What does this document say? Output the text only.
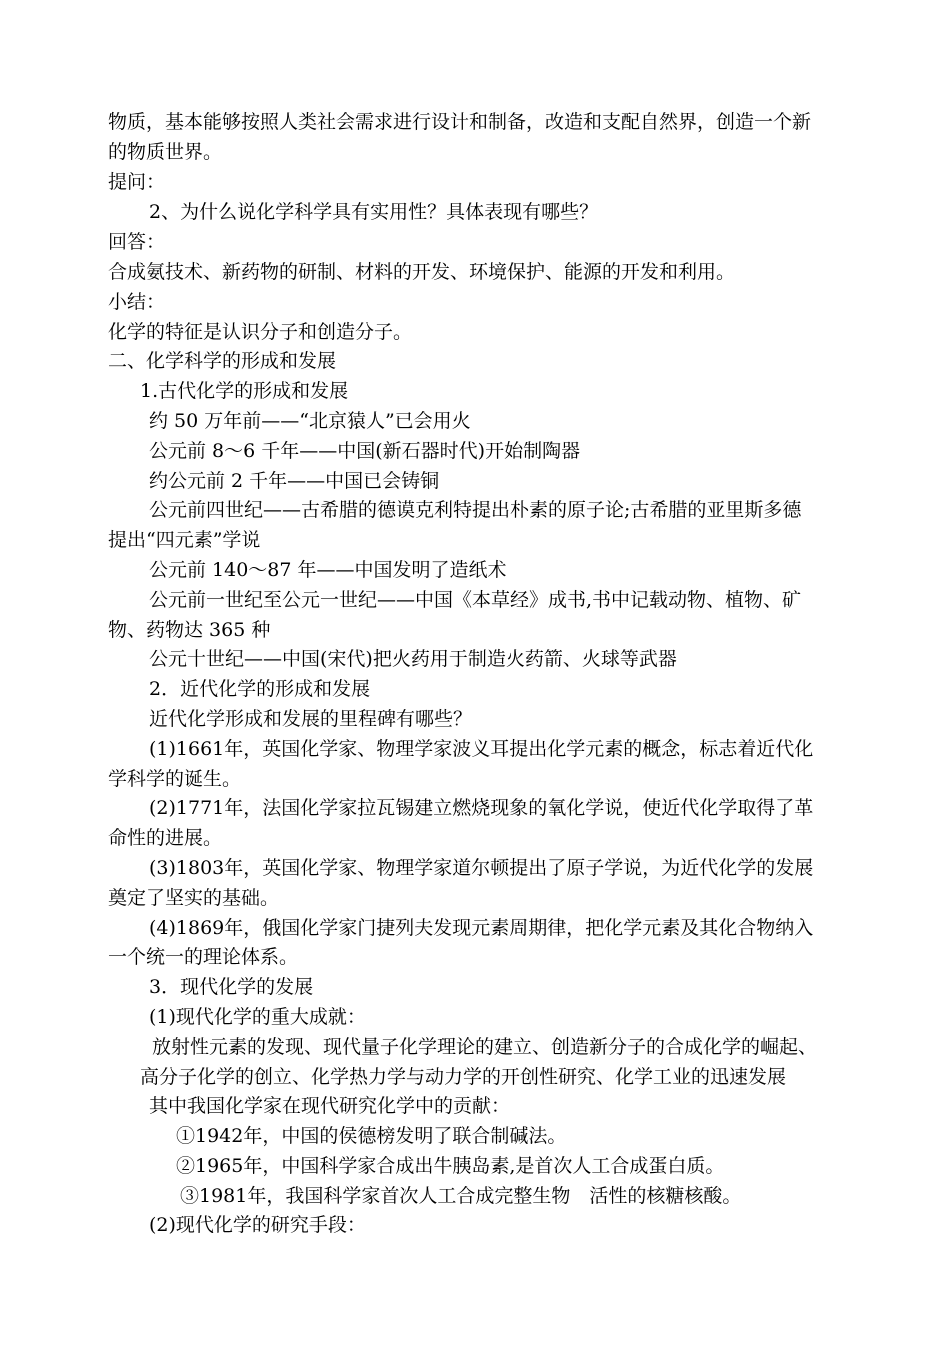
物质，基本能够按照人类社会需求进行设计和制备，改造和支配自然界，创造一个新
的物质世界。
提问：
2、为什么说化学科学具有实用性？具体表现有哪些？
回答：
合成氨技术、新药物的研制、材料的开发、环境保护、能源的开发和利用。
小结：
化学的特征是认识分子和创造分子。
二、化学科学的形成和发展
1.古代化学的形成和发展
约 50 万年前——“北京猿人”已会用火
公元前 8～6 千年——中国(新石器时代)开始制陶器
约公元前 2 千年——中国已会铸铜
公元前四世纪——古希腊的德谟克利特提出朴素的原子论;古希腊的亚里斯多德
提出“四元素”学说
公元前 140～87 年——中国发明了造纸术
公元前一世纪至公元一世纪——中国《本草经》成书,书中记载动物、植物、矿
物、药物达 365 种
公元十世纪——中国(宋代)把火药用于制造火药箭、火球等武器
2．近代化学的形成和发展
近代化学形成和发展的里程碑有哪些？
(1)1661年，英国化学家、物理学家波义耳提出化学元素的概念，标志着近代化
学科学的诞生。
(2)1771年，法国化学家拉瓦锡建立燃烧现象的氧化学说，使近代化学取得了革
命性的进展。
(3)1803年，英国化学家、物理学家道尔顿提出了原子学说，为近代化学的发展
奠定了坚实的基础。
(4)1869年，俄国化学家门捷列夫发现元素周期律，把化学元素及其化合物纳入
一个统一的理论体系。
3．现代化学的发展
(1)现代化学的重大成就：
放射性元素的发现、现代量子化学理论的建立、创造新分子的合成化学的崛起、
高分子化学的创立、化学热力学与动力学的开创性研究、化学工业的迅速发展
其中我国化学家在现代研究化学中的贡献：
①1942年，中国的侯德榜发明了联合制碱法。
②1965年，中国科学家合成出牛胰岛素,是首次人工合成蛋白质。
③1981年，我国科学家首次人工合成完整生物　活性的核糖核酸。
(2)现代化学的研究手段：
